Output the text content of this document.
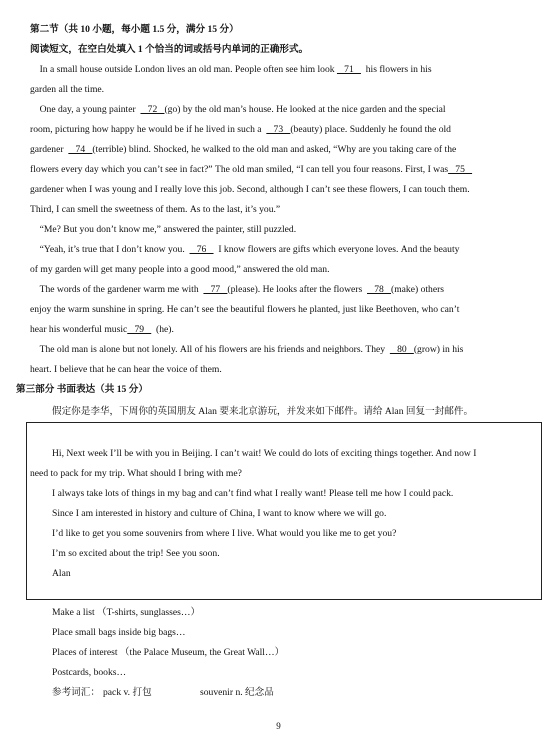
第二节（共 10 小题，每小题 1.5 分，满分 15 分）
阅读短文，在空白处填入 1 个恰当的词或括号内单词的正确形式。
In a small house outside London lives an old man. People often see him look    71     his flowers in his
garden all the time.
One day, a young painter     72   (go) by the old man’s house. He looked at the nice garden and the special
room, picturing how happy he would be if he lived in such a     73   (beauty) place. Suddenly he found the old
gardener     74   (terrible) blind. Shocked, he walked to the old man and asked, “Why are you taking care of the
flowers every day which you can’t see in fact?” The old man smiled, “I can tell you four reasons. First, I was   75
gardener when I was young and I really love this job. Second, although I can’t see these flowers, I can touch them.
Third, I can smell the sweetness of them. As to the last, it’s you.”
“Me? But you don’t know me,” answered the painter, still puzzled.
“Yeah, it’s true that I don’t know you.     76     I know flowers are gifts which everyone loves. And the beauty
of my garden will get many people into a good mood,” answered the old man.
The words of the gardener warm me with     77   (please). He looks after the flowers     78   (make) others
enjoy the warm sunshine in spring. He can’t see the beautiful flowers he planted, just like Beethoven, who can’t
hear his wonderful music   79     (he).
The old man is alone but not lonely. All of his flowers are his friends and neighbors. They     80   (grow) in his
heart. I believe that he can hear the voice of them.
第三部分 书面表达（共 15 分）
假定你是李华，下周你的英国朋友 Alan 要来北京游玩，并发来如下邮件。请给 Alan 回复一封邮件。
Hi, Next week I’ll be with you in Beijing. I can’t wait! We could do lots of exciting things together. And now I
need to pack for my trip. What should I bring with me?
I always take lots of things in my bag and can’t find what I really want! Please tell me how I could pack.
Since I am interested in history and culture of China, I want to know where we will go.
I’d like to get you some souvenirs from where I live. What would you like me to get you?
I’m so excited about the trip! See you soon.
Alan
Make a list （T-shirts, sunglasses…）
Place small bags inside big bags…
Places of interest （the Palace Museum, the Great Wall…）
Postcards, books…
参考词汇： pack v. 打包	souvenir n. 纪念品
9
